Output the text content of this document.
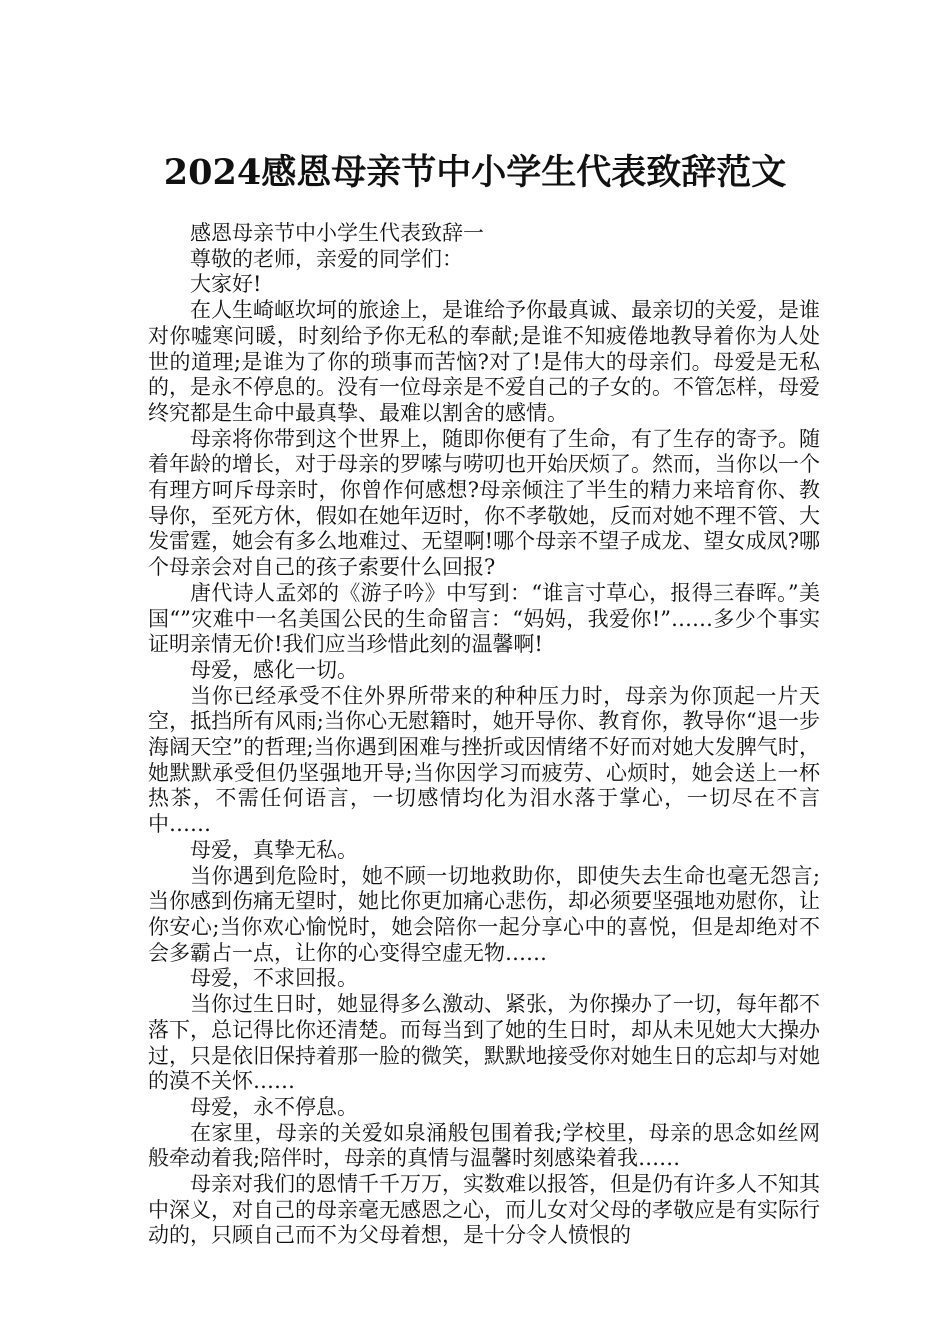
2024感恩母亲节中小学生代表致辞范文

感恩母亲节中小学生代表致辞一

尊敬的老师，亲爱的同学们：

大家好!

在人生崎岖坎坷的旅途上，是谁给予你最真诚、最亲切的关爱，是谁对你嘘寒问暖，时刻给予你无私的奉献;是谁不知疲倦地教导着你为人处世的道理;是谁为了你的琐事而苦恼?对了!是伟大的母亲们。母爱是无私的，是永不停息的。没有一位母亲是不爱自己的子女的。不管怎样，母爱终究都是生命中最真挚、最难以割舍的感情。

母亲将你带到这个世界上，随即你便有了生命，有了生存的寄予。随着年龄的增长，对于母亲的罗嗦与唠叨也开始厌烦了。然而，当你以一个有理方呵斥母亲时，你曾作何感想?母亲倾注了半生的精力来培育你、教导你，至死方休，假如在她年迈时，你不孝敬她，反而对她不理不管、大发雷霆，她会有多么地难过、无望啊!哪个母亲不望子成龙、望女成凤?哪个母亲会对自己的孩子索要什么回报?

唐代诗人孟郊的《游子吟》中写到：“谁言寸草心，报得三春晖。”美国“”灾难中一名美国公民的生命留言：“妈妈，我爱你!”……多少个事实证明亲情无价!我们应当珍惜此刻的温馨啊!

母爱，感化一切。

当你已经承受不住外界所带来的种种压力时，母亲为你顶起一片天空，抵挡所有风雨;当你心无慰籍时，她开导你、教育你，教导你“退一步海阔天空”的哲理;当你遇到困难与挫折或因情绪不好而对她大发脾气时，她默默承受但仍坚强地开导;当你因学习而疲劳、心烦时，她会送上一杯热茶，不需任何语言，一切感情均化为泪水落于掌心，一切尽在不言中……

母爱，真挚无私。

当你遇到危险时，她不顾一切地救助你，即使失去生命也毫无怨言;当你感到伤痛无望时，她比你更加痛心悲伤，却必须要坚强地劝慰你，让你安心;当你欢心愉悦时，她会陪你一起分享心中的喜悦，但是却绝对不会多霸占一点，让你的心变得空虚无物……

母爱，不求回报。

当你过生日时，她显得多么激动、紧张，为你操办了一切，每年都不落下，总记得比你还清楚。而每当到了她的生日时，却从未见她大大操办过，只是依旧保持着那一脸的微笑，默默地接受你对她生日的忘却与对她的漠不关怀……

母爱，永不停息。

在家里，母亲的关爱如泉涌般包围着我;学校里，母亲的思念如丝网般牵动着我;陪伴时，母亲的真情与温馨时刻感染着我……

母亲对我们的恩情千千万万，实数难以报答，但是仍有许多人不知其中深义，对自己的母亲毫无感恩之心，而儿女对父母的孝敬应是有实际行动的，只顾自己而不为父母着想，是十分令人愤恨的
